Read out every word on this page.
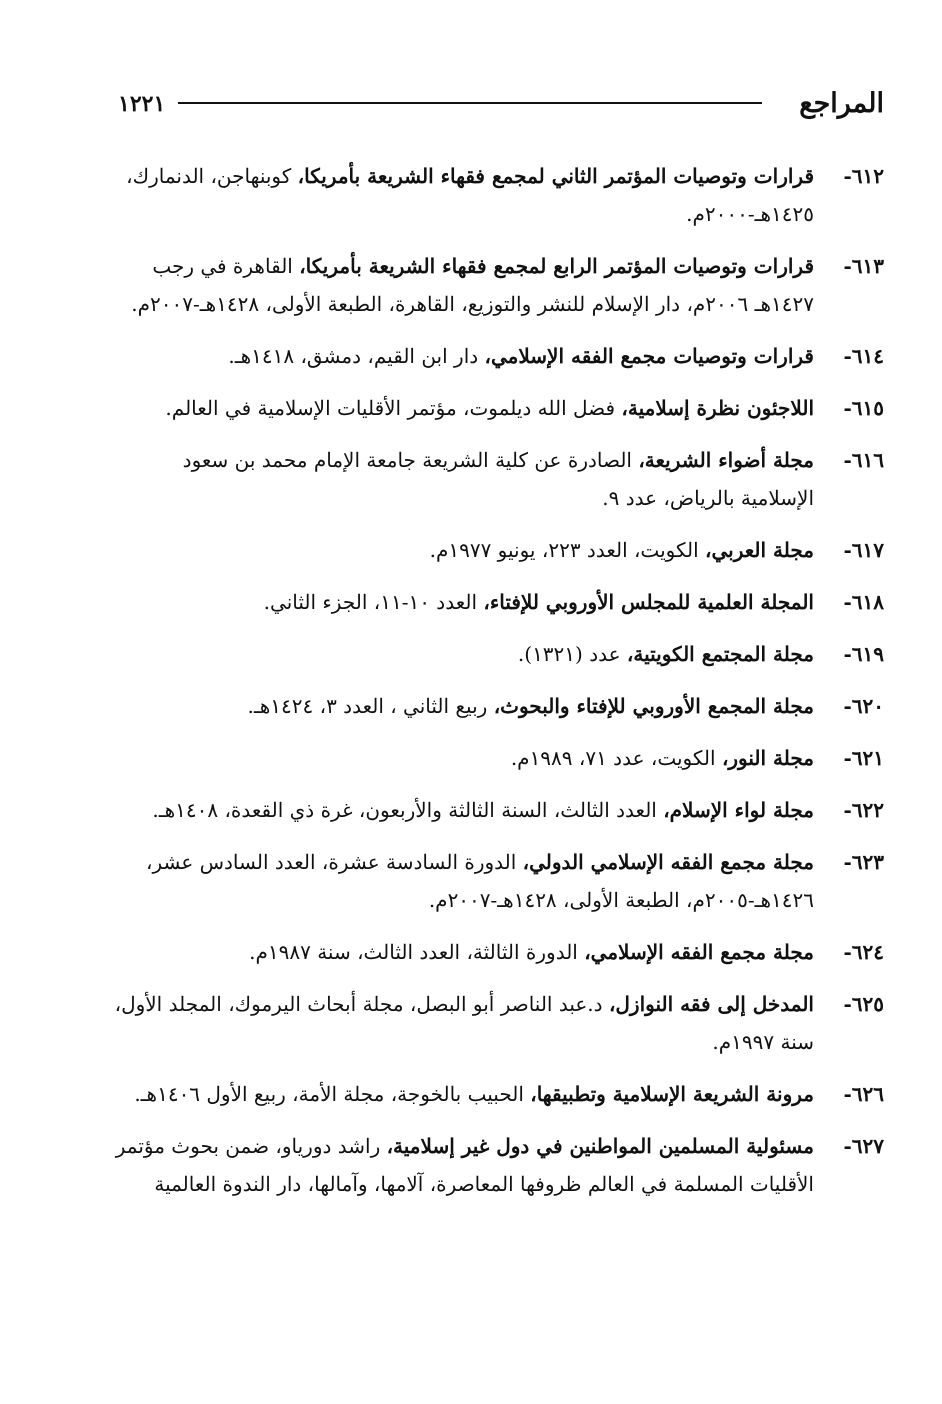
المراجع
١٢٢١

٦١٢-
قرارات وتوصيات المؤتمر الثاني لمجمع فقهاء الشريعة بأمريكا، كوبنهاجن، الدنمارك، ١٤٢٥هـ-٢٠٠٠م.

٦١٣-
قرارات وتوصيات المؤتمر الرابع لمجمع فقهاء الشريعة بأمريكا، القاهرة في رجب ١٤٢٧هـ ٢٠٠٦م، دار الإسلام للنشر والتوزيع، القاهرة، الطبعة الأولى، ١٤٢٨هـ-٢٠٠٧م.

٦١٤-
قرارات وتوصيات مجمع الفقه الإسلامي، دار ابن القيم، دمشق، ١٤١٨هـ.

٦١٥-
اللاجئون نظرة إسلامية، فضل الله ديلموت، مؤتمر الأقليات الإسلامية في العالم.

٦١٦-
مجلة أضواء الشريعة، الصادرة عن كلية الشريعة جامعة الإمام محمد بن سعود الإسلامية بالرياض، عدد ٩.

٦١٧-
مجلة العربي، الكويت، العدد ٢٢٣، يونيو ١٩٧٧م.

٦١٨-
المجلة العلمية للمجلس الأوروبي للإفتاء، العدد ١٠-١١، الجزء الثاني.

٦١٩-
مجلة المجتمع الكويتية، عدد (١٣٢١).

٦٢٠-
مجلة المجمع الأوروبي للإفتاء والبحوث، ربيع الثاني ، العدد ٣، ١٤٢٤هـ.

٦٢١-
مجلة النور، الكويت، عدد ٧١، ١٩٨٩م.

٦٢٢-
مجلة لواء الإسلام، العدد الثالث، السنة الثالثة والأربعون، غرة ذي القعدة، ١٤٠٨هـ.

٦٢٣-
مجلة مجمع الفقه الإسلامي الدولي، الدورة السادسة عشرة، العدد السادس عشر، ١٤٢٦هـ-٢٠٠٥م، الطبعة الأولى، ١٤٢٨هـ-٢٠٠٧م.

٦٢٤-
مجلة مجمع الفقه الإسلامي، الدورة الثالثة، العدد الثالث، سنة ١٩٨٧م.

٦٢٥-
المدخل إلى فقه النوازل، د.عبد الناصر أبو البصل، مجلة أبحاث اليرموك، المجلد الأول، سنة ١٩٩٧م.

٦٢٦-
مرونة الشريعة الإسلامية وتطبيقها، الحبيب بالخوجة، مجلة الأمة، ربيع الأول ١٤٠٦هـ.

٦٢٧-
مسئولية المسلمين المواطنين في دول غير إسلامية، راشد دورياو، ضمن بحوث مؤتمر الأقليات المسلمة في العالم ظروفها المعاصرة، آلامها، وآمالها، دار الندوة العالمية
